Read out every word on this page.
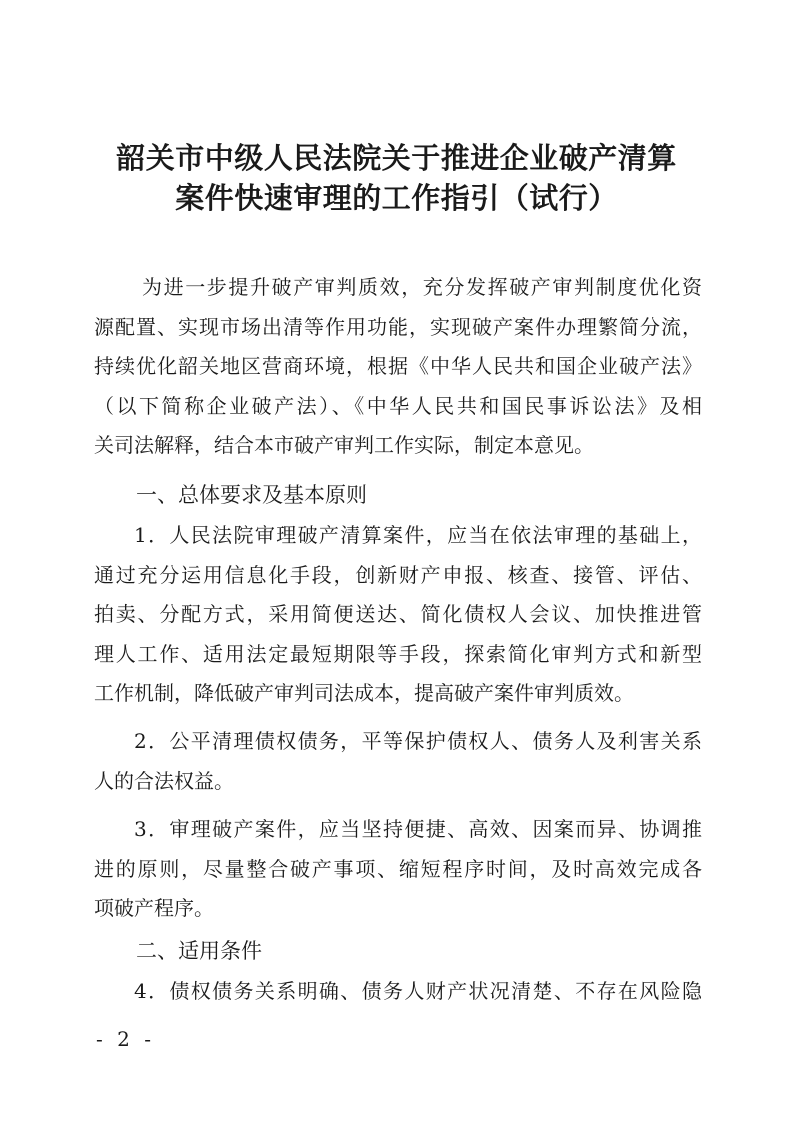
韶关市中级人民法院关于推进企业破产清算
案件快速审理的工作指引（试行）
为进一步提升破产审判质效，充分发挥破产审判制度优化资
源配置、实现市场出清等作用功能，实现破产案件办理繁简分流，
持续优化韶关地区营商环境，根据《中华人民共和国企业破产法》
（以下简称企业破产法）、《中华人民共和国民事诉讼法》及相
关司法解释，结合本市破产审判工作实际，制定本意见。
一、总体要求及基本原则
1．人民法院审理破产清算案件，应当在依法审理的基础上，
通过充分运用信息化手段，创新财产申报、核查、接管、评估、
拍卖、分配方式，采用简便送达、简化债权人会议、加快推进管
理人工作、适用法定最短期限等手段，探索简化审判方式和新型
工作机制，降低破产审判司法成本，提高破产案件审判质效。
2．公平清理债权债务，平等保护债权人、债务人及利害关系
人的合法权益。
3．审理破产案件，应当坚持便捷、高效、因案而异、协调推
进的原则，尽量整合破产事项、缩短程序时间，及时高效完成各
项破产程序。
二、适用条件
4．债权债务关系明确、债务人财产状况清楚、不存在风险隐
- 2 -
